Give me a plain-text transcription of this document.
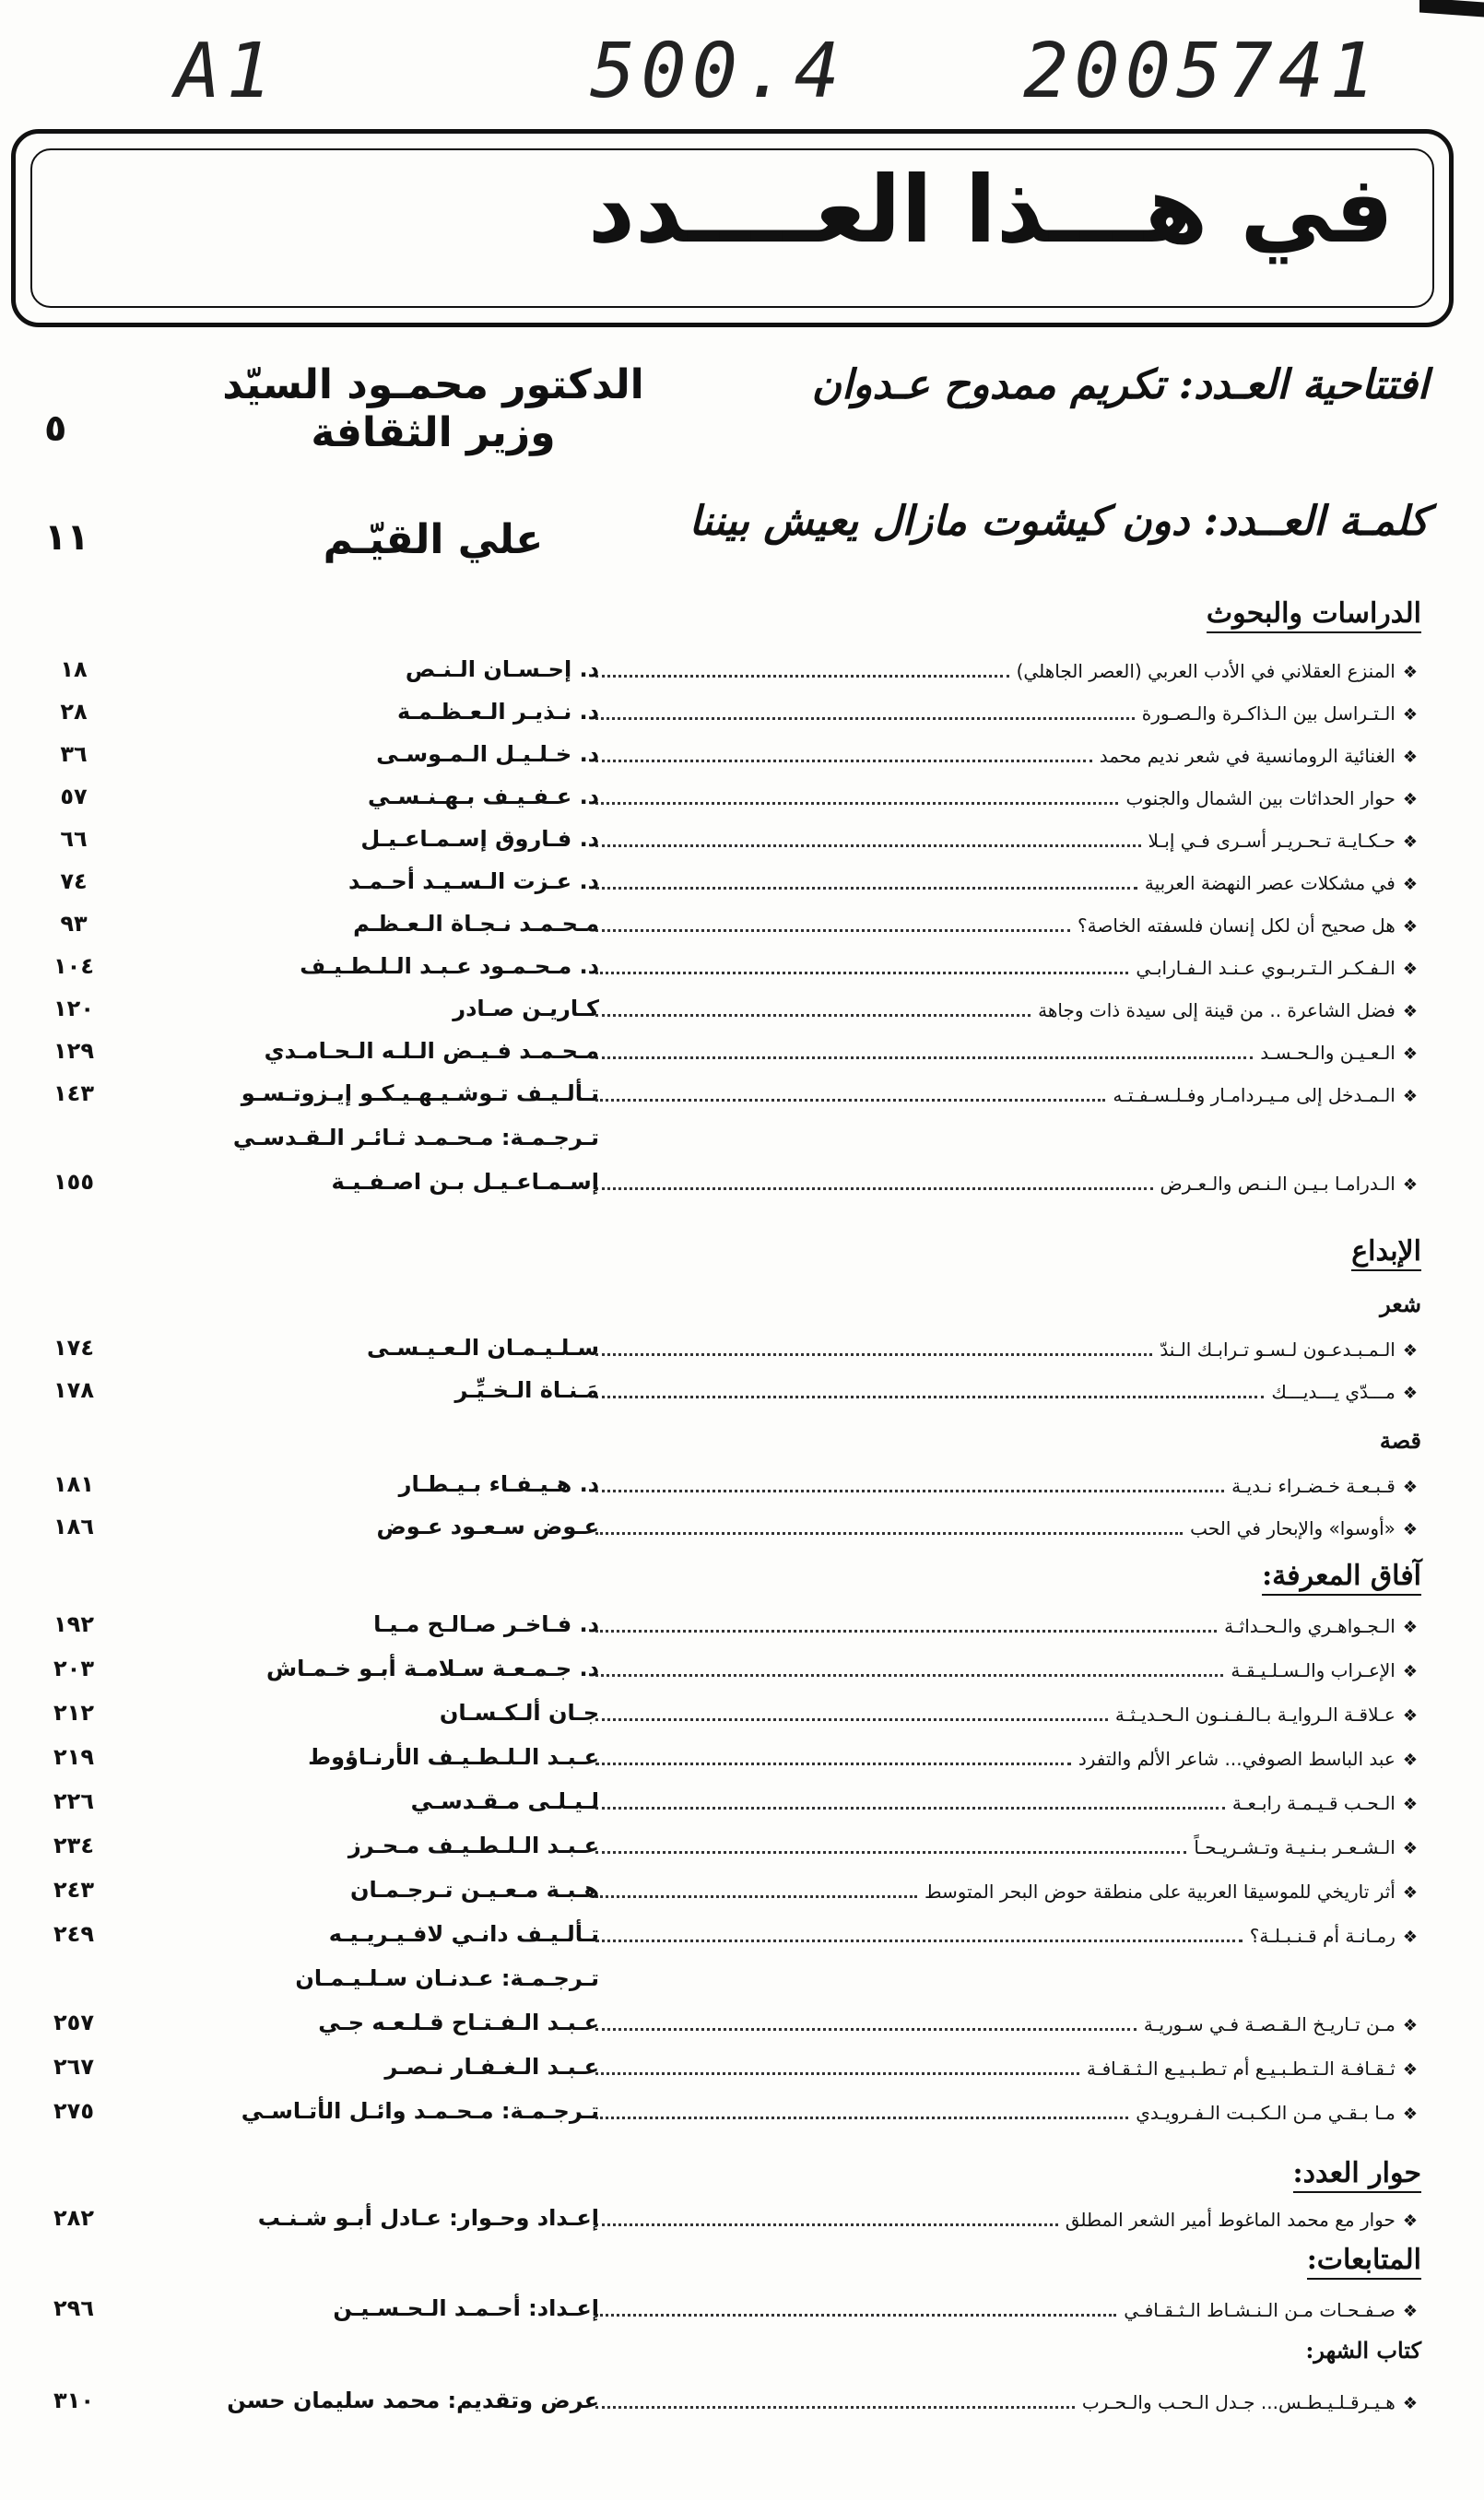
A1	500.4 2005741
في هـــذا العــــدد
افتتاحية العـدد: تكريم ممدوح عـدوان
الدكتور محمـود السيّد
وزير الثقافة
٥
كلمـة العــدد: دون كيشوت مازال يعيش بيننا
علي القيّـم
١١
الدراسات والبحوث
الإبداع
شعر
قصة
آفاق المعرفة:
حوار العدد:
المتابعات:
كتاب الشهر:
❖
المنزع العقلاني في الأدب العربي (العصر الجاهلي)
د. إحـسـان الـنـص
١٨
❖
الـتـراسل بين الـذاكـرة والـصـورة
د. نـذيـر الـعـظـمـة
٢٨
❖
الغنائية الرومانسية في شعر نديم محمد
د. خـلـيـل الـمـوسـى
٣٦
❖
حوار الحداثات بين الشمال والجنوب
د. عـفـيـف بـهـنـسـي
٥٧
❖
حـكـايـة تـحـريـر أسـرى فـي إبـلا
د. فـاروق إسـمـاعـيـل
٦٦
❖
في مشكلات عصر النهضة العربية
د. عـزت الـسـيـد أحـمـد
٧٤
❖
هل صحيح أن لكل إنسان فلسفته الخاصة؟
مـحـمـد نـجـاة الـعـظـم
٩٣
❖
الـفـكـر الـتـربـوي عـنـد الـفـارابـي
د. مـحـمـود عـبـد الـلـطـيـف
١٠٤
❖
فضل الشاعرة .. من قينة إلى سيدة ذات وجاهة
كـاريـن صـادر
١٢٠
❖
الـعـيـن والـحـسـد
مـحـمـد فـيـض الـلـه الـحـامـدي
١٢٩
❖
الـمـدخل إلى مـيـردامـار وفـلـسـفـتـه
تـألـيـف تـوشـيـهـيـكـو إيـزوتـسـو
١٤٣
تـرجـمـة: مـحـمـد ثـائـر الـقـدسـي
❖
الـدرامـا بـيـن الـنـص والـعـرض
إسـمـاعـيـل بـن اصـفـيـة
١٥٥
❖
الـمـبـدعـون لـسـو تـرابـك الـندّ
سـلـيـمـان الـعـيـسـى
١٧٤
❖
مـــدّي يـــديـــك
مَـنـاة الـخـيِّـر
١٧٨
❖
قـبـعـة خـضـراء نـديـة
د. هـيـفـاء بـيـطـار
١٨١
❖
«أوسوا» والإبحار في الحب
عـوض سـعـود عـوض
١٨٦
❖
الـجـواهـري والـحـداثـة
د. فـاخـر صـالـح مـيـا
١٩٢
❖
الإعـراب والـسـلـيـقـة
د. جـمـعـة سـلامـة أبـو خـمـاش
٢٠٣
❖
عـلاقـة الـروايـة بـالـفـنـون الـحـديـثـة
جـان ألـكـسـان
٢١٢
❖
عبد الباسط الصوفي... شاعر الألم والتفرد
عـبـد الـلـطـيـف الأرنـاؤوط
٢١٩
❖
الـحـب قـيـمـة رابـعـة
لـيـلـى مـقـدسـي
٢٢٦
❖
الـشـعـر بـنـيـة وتـشـريـحـاً
عـبـد الـلـطـيـف مـحـرز
٢٣٤
❖
أثر تاريخي للموسيقا العربية على منطقة حوض البحر المتوسط
هـبـة مـعـيـن تـرجـمـان
٢٤٣
❖
رمـانـة أم قـنـبـلـة؟
تـألـيـف دانـي لافـيـريـيـه
٢٤٩
تـرجـمـة: عـدنـان سـلـيـمـان
❖
مـن تـاريـخ الـقـصـة فـي سـوريـة
عـبـد الـفـتـاح قـلـعـه جـي
٢٥٧
❖
ثـقـافـة الـتـطـبـيـع أم تـطـبـيـع الـثـقـافـة
عـبـد الـغـفـار نـصـر
٢٦٧
❖
مـا بـقـي مـن الـكـبـت الـفـرويـدي
تـرجـمـة: مـحـمـد وائـل الأتـاسـي
٢٧٥
❖
حوار مع محمد الماغوط أمير الشعر المطلق
إعـداد وحـوار: عـادل أبـو شـنـب
٢٨٢
❖
صـفـحـات مـن الـنـشـاط الـثـقـافـي
إعـداد: أحـمـد الـحـسـيـن
٢٩٦
❖
هـيـرقـلـيـطـس... جـدل الـحـب والـحـرب
عرض وتقديم: محمد سليمان حسن
٣١٠
